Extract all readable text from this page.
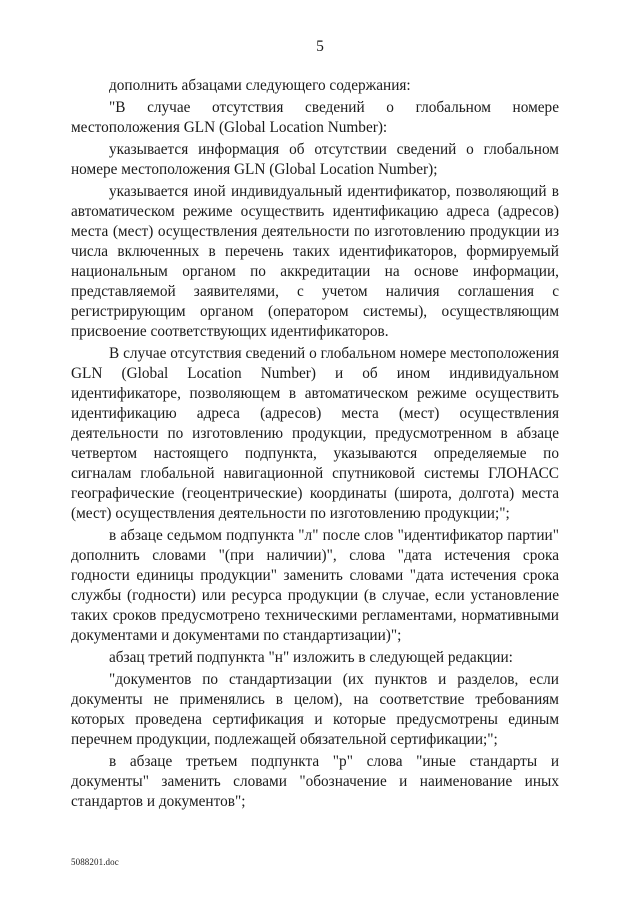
5

дополнить абзацами следующего содержания:

"В случае отсутствия сведений о глобальном номере местоположения GLN (Global Location Number):

указывается информация об отсутствии сведений о глобальном номере местоположения GLN (Global Location Number);

указывается иной индивидуальный идентификатор, позволяющий в автоматическом режиме осуществить идентификацию адреса (адресов) места (мест) осуществления деятельности по изготовлению продукции из числа включенных в перечень таких идентификаторов, формируемый национальным органом по аккредитации на основе информации, представляемой заявителями, с учетом наличия соглашения с регистрирующим органом (оператором системы), осуществляющим присвоение соответствующих идентификаторов.

В случае отсутствия сведений о глобальном номере местоположения GLN (Global Location Number) и об ином индивидуальном идентификаторе, позволяющем в автоматическом режиме осуществить идентификацию адреса (адресов) места (мест) осуществления деятельности по изготовлению продукции, предусмотренном в абзаце четвертом настоящего подпункта, указываются определяемые по сигналам глобальной навигационной спутниковой системы ГЛОНАСС географические (геоцентрические) координаты (широта, долгота) места (мест) осуществления деятельности по изготовлению продукции;";

в абзаце седьмом подпункта "л" после слов "идентификатор партии" дополнить словами "(при наличии)", слова "дата истечения срока годности единицы продукции" заменить словами "дата истечения срока службы (годности) или ресурса продукции (в случае, если установление таких сроков предусмотрено техническими регламентами, нормативными документами и документами по стандартизации)";

абзац третий подпункта "н" изложить в следующей редакции:

"документов по стандартизации (их пунктов и разделов, если документы не применялись в целом), на соответствие требованиям которых проведена сертификация и которые предусмотрены единым перечнем продукции, подлежащей обязательной сертификации;";

в абзаце третьем подпункта "р" слова "иные стандарты и документы" заменить словами "обозначение и наименование иных стандартов и документов";

5088201.doc
